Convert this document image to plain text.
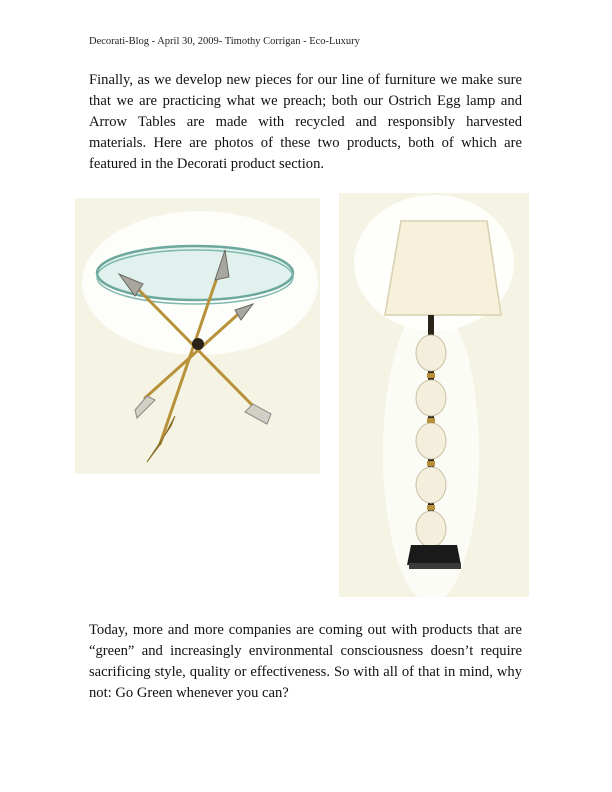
Decorati-Blog - April 30, 2009- Timothy Corrigan - Eco-Luxury

Finally, as we develop new pieces for our line of furniture we make sure that we are practicing what we preach; both our Ostrich Egg lamp and Arrow Tables are made with recycled and responsibly harvested materials. Here are photos of these two products, both of which are featured in the Decorati product section.

Today, more and more companies are coming out with products that are “green” and increasingly environmental consciousness doesn’t require sacrificing style, quality or effectiveness. So with all of that in mind, why not: Go Green whenever you can?
